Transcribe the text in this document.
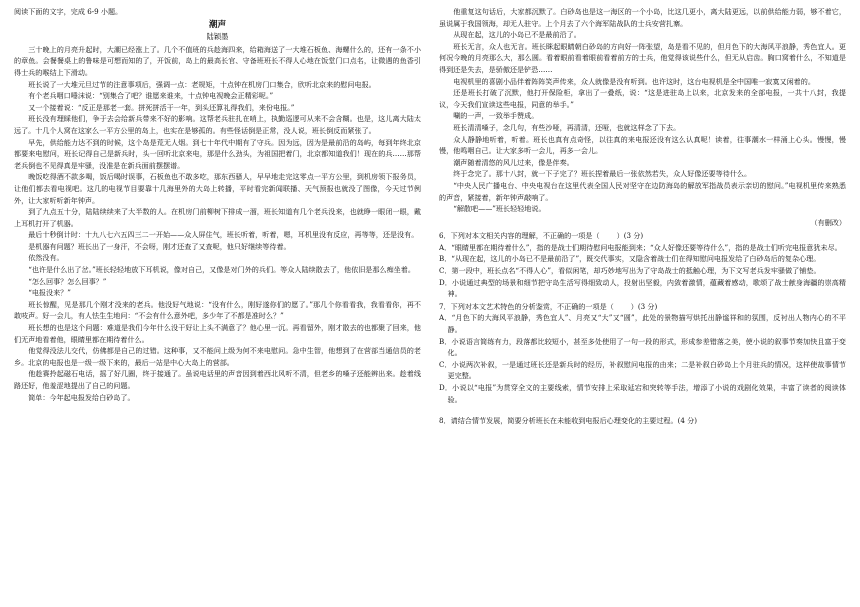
阅读下面的文字，完成 6-9 小题。

潮声

陆颖墨

三十晚上的月亮升起时，大潮已经涨上了。几个不值班的兵趁海四来，给箱海送了一大堆石板鱼、海螺什么的，还有一条不小的章鱼。会餐餐桌上的鲁味是可想而知的了，开饭前，岛上的最高长官、守备班班长不得人心地在饭堂门口点名，让微遇的鱼香引得士兵的喉结上下滑动。

班长说了一大堆元旦过节的注意事项后，强调一点：老规矩，十点钟在机房门口集合，欣听北京来的慰问电报。

有个老兵咽口唾沫说：“别集合了吧？谁愿来谁来，十点钟电视晚会正精彩呢。”

又一个接着说：“反正是那老一套。拼死拼活干一年，到头还算礼得我们，来份电报。”

班长没有理睬他们，争于去会给新兵带来不好的影响。这帮老兵驻扎在哨上，执勤巡逻可从来不会含糊。也是，这儿离大陆太远了。十几个人窝在这家么一平方公里的岛上，也实在是够孤的。有些怪话倒是正常，没人说，班长倒反而紧张了。

早先，供给能力达不到的时候，这个岛是荒无人烟。到七十年代中期有了守兵。因为远，因为是最前沿的岛屿，每到年终北京都要来电慰问，班长记得自己是新兵时，头一回听北京来电，那是什么劲头，为祖国把着门，北京都知道我们！现在的兵……那帮老兵倒也不见得真是牢骚，没准是在新兵面前摆摆谱。

晚饭吃得酒不款多喝，饭后喝时误事，石板鱼也不敢多吃，那东西骚人，早早地走完这零点一平方公里，到机房领下报务员，让他们都去看电视吧。这几的电视节目要靠十几海里外的大岛上转播，平时看完新闻联播、天气预报也就没了图像，今天过节例外，让大家听听新年钟声。

到了九点五十分，陆陆续续来了大半数的人。在机房门前柳树下排成一溜，班长知道有几个老兵没来，也就睁一眼闭一眼，戴上耳机打开了机器。

最后十秒倒计时：十九八七六五四三二一开始——众人屏住气，班长听着，听着，嗯，耳机里没有反应，再等等，还是没有。

是机器有问题？班长出了一身汗，不会呀，刚才还查了又查呢，他只好继续等待着。

依然没有。

“也许是什么出了岔。”班长轻轻地放下耳机说，像对自己，又像是对门外的兵们。等众人陆续散去了，他依旧是那么痴坐着。

“怎么回事？怎么回事？”

“电报没来？”

班长惊醒，见是那几个刚才没来的老兵。他没好气地说：“没有什么，刚好遂你们的愿了。”那几个你看看我，我看看你，再不敢吱声。好一会儿，有人怯生生地问：“不会有什么意外吧，多少年了不都是准时么？”

班长想的也是这个问题：难道是我们今年什么没干好让上头不满意了？他心里一沉。再看留外，刚才散去的也都聚了回来，他们无声地看着他，眼睛里都在期待着什么。

他觉得没法儿交代，仿佛都是自己的过错。这种事，又不能问上级为何不来电慰问。急中生智，他想到了在营部当通信员的老乡。北京的电报也是一级一级下来的，最后一站是中心大岛上的营部。

他趁赛拎起磁石电话，摇了好几圈，终于接通了。虽说电话里的声音因到着西北风听不清，但老乡的嗓子还能辨出来。趁着线路还好，他羞涩地提出了自己的问题。

简单：今年起电报发给白砂岛了。

他重复这句话后，大家都沉默了。白砂岛也是这一海区的一个小岛，比这几更小，离大陆更远，以前供给能力弱，够不着它，虽说属于我国领海，却无人驻守。上个月去了六个海军陆战队的士兵安营扎寨。

从现在起，这儿的小岛已不是最前沿了。

班长无言，众人也无言。班长眯起眼睛朝白砂岛的方向好一阵张望，岛是看不见的，但月色下的大海风平浪静，秀色宜人。更何况今晚的月亮那么大，那么圆。看着眼前看着眼前看着前方的士兵，他觉得该说些什么，但无从启齿。胸口窝着什么，不知道是得到还是失去，是骄傲还是铲恐……

电视机里的喜剧小品伴着阵阵笑声传来，众人就像是没有听到。也许这时，这台电视机是全中国唯一寂寞又闲着的。

还是班长打破了沉默，他打开保险柜，拿出了一叠纸，说：“这是进驻岛上以来，北京发来的全部电报，一共十八封，我提议，今天我们宣读这些电报，同意的举手。”

唰的一声，一致举手赞成。

班长清清嗓子，念几句，有些沙哑，再清清，还哑，也就这样念了下去。

众人静静地听着，听着。班长也真有点奇怪，以往真的来电报还没有这么认真呢！读着，往事潮水一样涌上心头。慢慢，慢慢，他鸣咽自己。让大家多听一会儿，再多一会儿。

潮声随着清悠的风儿过来，像是伴奏。

终于念完了。那十八封，就一下子完了？班长捏着最后一张依然若失，众人好像还要等待什么。

“中央人民广播电台、中央电视台在这里代表全国人民对坚守在边防海岛的解放军指战员表示亲切的慰问。”电视机里传来熟悉的声音，紧接着，新年钟声敲响了。

“解散吧——”班长轻轻地说。

（有删改）

6．下列对本文相关内容的理解，不正确的一项是（ ）(3 分)

A．“眼睛里都在期待着什么”，指的是战士们期待慰问电报能到来；“众人好像还要等待什么”，指的是战士们听完电报意犹未尽。

B．“从现在起，这儿的小岛已不是最前沿了”，既交代事实，又隐含着战士们在得知慰问电报发给了白砂岛后的复杂心理。

C．第一段中，班长点名“不得人心”，看似闲笔，却巧妙地写出为了守岛战士的抵触心理，为下文写老兵发牢骚做了铺垫。

D．小说通过典型的场景和细节把守岛生活写得细致动人，投射出坚毅，内敛着激情，蕴藏着感动，歌颂了战士献身海疆的崇高精神。

7．下列对本文艺术特色的分析鉴赏，不正确的一项是（ ）(3 分)

A．“月色下的大海风平浪静，秀色宜人”、月亮又“大”又“圆”，此处的景物描写烘托出静谧祥和的氛围，反衬出人物内心的不平静。

B．小说语言简练有力，段落都比较短小，甚至多处使用了一句一段的形式，形成参差错落之美，使小说的叙事节奏加快且富于变化。

C．小说两次补叙，一是通过班长还是新兵时的经历，补叙慰问电报的由来；二是补叙白砂岛上个月驻兵的情况，这样使故事情节更完整。

D．小说以“电报”为贯穿全文的主要线索，情节安排上采取延宕和突转等手法，增添了小说的戏剧化效果，丰富了读者的阅读体验。

8．请结合情节发展，简要分析班长在未能收到电报后心理变化的主要过程。(4 分)
